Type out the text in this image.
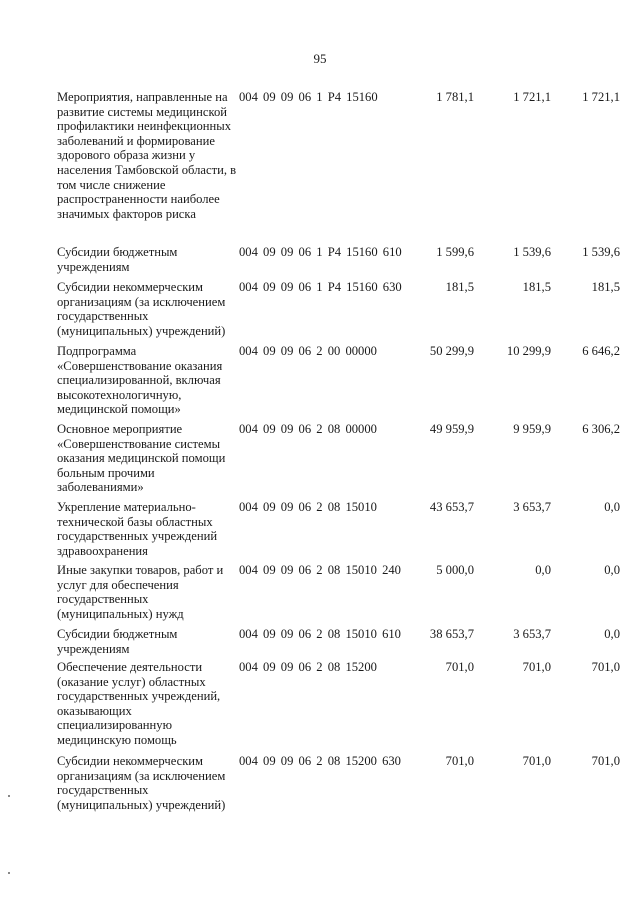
95
Мероприятия, направленные на развитие системы медицинской профилактики неинфекционных заболеваний и формирование здорового образа жизни у населения Тамбовской области, в том числе снижение распространенности наиболее значимых факторов риска
004 09 09 06 1 Р4 15160	1 781,1	1 721,1	1 721,1
Субсидии бюджетным учреждениям
004 09 09 06 1 Р4 15160 610	1 599,6	1 539,6	1 539,6
Субсидии некоммерческим организациям (за исключением государственных (муниципальных) учреждений)
004 09 09 06 1 Р4 15160 630	181,5	181,5	181,5
Подпрограмма «Совершенствование оказания специализированной, включая высокотехнологичную, медицинской помощи»
004 09 09 06 2 00 00000	50 299,9	10 299,9	6 646,2
Основное мероприятие «Совершенствование системы оказания медицинской помощи больным прочими заболеваниями»
004 09 09 06 2 08 00000	49 959,9	9 959,9	6 306,2
Укрепление материально-технической базы областных государственных учреждений здравоохранения
004 09 09 06 2 08 15010	43 653,7	3 653,7	0,0
Иные закупки товаров, работ и услуг для обеспечения государственных (муниципальных) нужд
004 09 09 06 2 08 15010 240	5 000,0	0,0	0,0
Субсидии бюджетным учреждениям
004 09 09 06 2 08 15010 610	38 653,7	3 653,7	0,0
Обеспечение деятельности (оказание услуг) областных государственных учреждений, оказывающих специализированную медицинскую помощь
004 09 09 06 2 08 15200	701,0	701,0	701,0
Субсидии некоммерческим организациям (за исключением государственных (муниципальных) учреждений)
004 09 09 06 2 08 15200 630	701,0	701,0	701,0
